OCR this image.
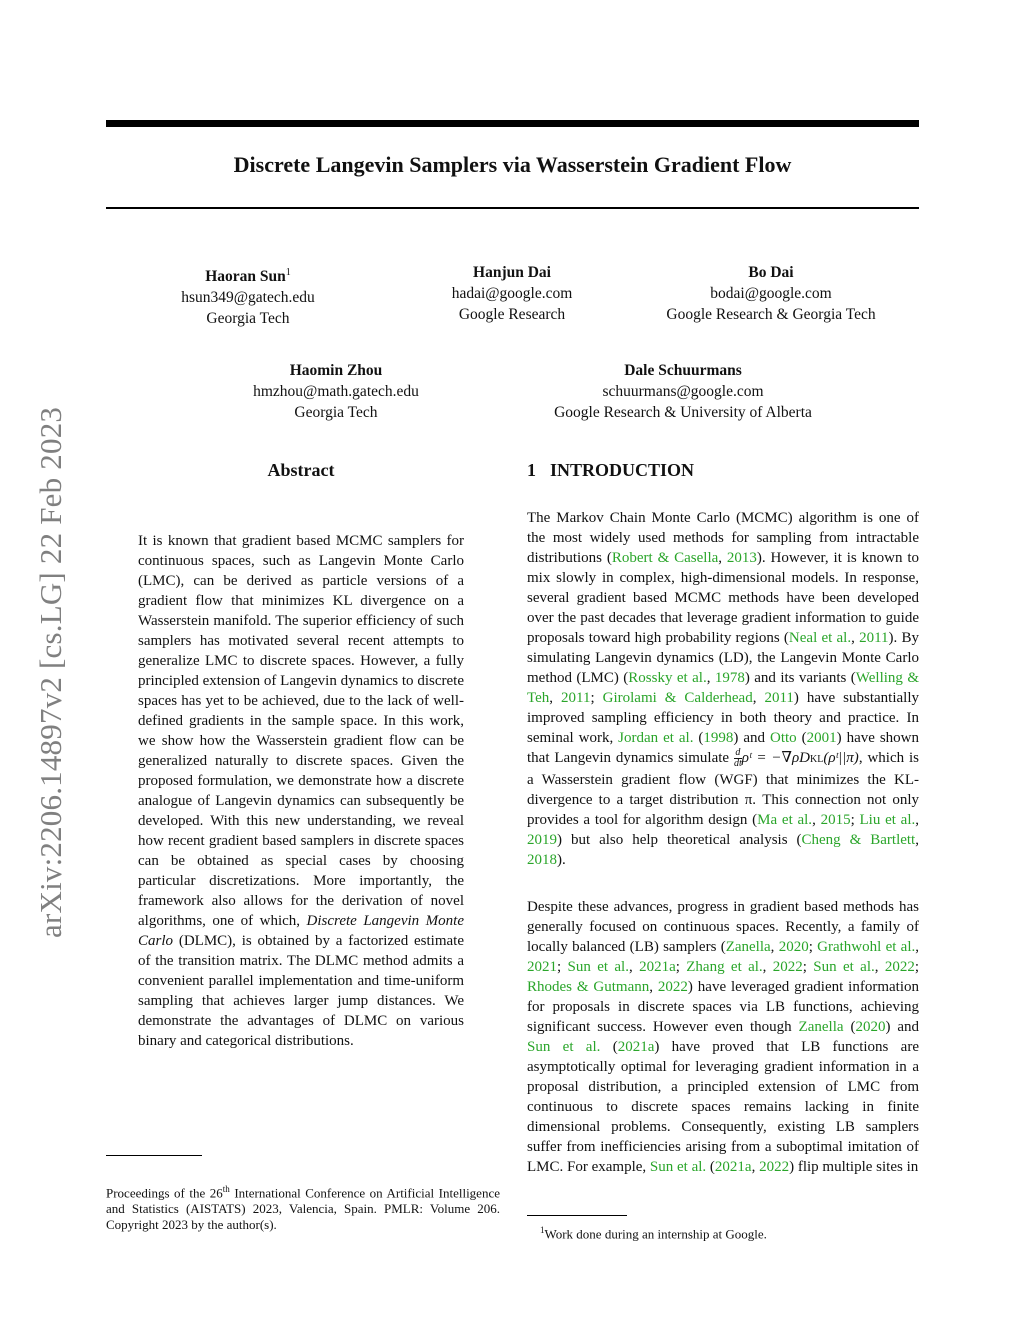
arXiv:2206.14897v2 [cs.LG] 22 Feb 2023
Discrete Langevin Samplers via Wasserstein Gradient Flow
Haoran Sun$^1$
hsun349@gatech.edu
Georgia Tech
Hanjun Dai
hadai@google.com
Google Research
Bo Dai
bodai@google.com
Google Research & Georgia Tech
Haomin Zhou
hmzhou@math.gatech.edu
Georgia Tech
Dale Schuurmans
schuurmans@google.com
Google Research & University of Alberta
Abstract
It is known that gradient based MCMC samplers for continuous spaces, such as Langevin Monte Carlo (LMC), can be derived as particle versions of a gradient flow that minimizes KL divergence on a Wasserstein manifold. The superior efficiency of such samplers has motivated several recent attempts to generalize LMC to discrete spaces. However, a fully principled extension of Langevin dynamics to discrete spaces has yet to be achieved, due to the lack of well-defined gradients in the sample space. In this work, we show how the Wasserstein gradient flow can be generalized naturally to discrete spaces. Given the proposed formulation, we demonstrate how a discrete analogue of Langevin dynamics can subsequently be developed. With this new understanding, we reveal how recent gradient based samplers in discrete spaces can be obtained as special cases by choosing particular discretizations. More importantly, the framework also allows for the derivation of novel algorithms, one of which, Discrete Langevin Monte Carlo (DLMC), is obtained by a factorized estimate of the transition matrix. The DLMC method admits a convenient parallel implementation and time-uniform sampling that achieves larger jump distances. We demonstrate the advantages of DLMC on various binary and categorical distributions.
1 INTRODUCTION

The Markov Chain Monte Carlo (MCMC) algorithm is one of the most widely used methods for sampling from intractable distributions (Robert & Casella, 2013). However, it is known to mix slowly in complex, high-dimensional models. In response, several gradient based MCMC methods have been developed over the past decades that leverage gradient information to guide proposals toward high probability regions (Neal et al., 2011). By simulating Langevin dynamics (LD), the Langevin Monte Carlo method (LMC) (Rossky et al., 1978) and its variants (Welling & Teh, 2011; Girolami & Calderhead, 2011) have substantially improved sampling efficiency in both theory and practice. In seminal work, Jordan et al. (1998) and Otto (2001) have shown that Langevin dynamics simulate $\frac{d}{dt}$ ρᵗ = −∇ρDKL(ρᵗ||π), which is a Wasserstein gradient flow (WGF) that minimizes the KL-divergence to a target distribution π. This connection not only provides a tool for algorithm design (Ma et al., 2015; Liu et al., 2019) but also help theoretical analysis (Cheng & Bartlett, 2018).

Despite these advances, progress in gradient based methods has generally focused on continuous spaces. Recently, a family of locally balanced (LB) samplers (Zanella, 2020; Grathwohl et al., 2021; Sun et al., 2021a; Zhang et al., 2022; Sun et al., 2022; Rhodes & Gutmann, 2022) have leveraged gradient information for proposals in discrete spaces via LB functions, achieving significant success. However even though Zanella (2020) and Sun et al. (2021a) have proved that LB functions are asymptotically optimal for leveraging gradient information in a proposal distribution, a principled extension of LMC from continuous to discrete spaces remains lacking in finite dimensional problems. Consequently, existing LB samplers suffer from inefficiencies arising from a suboptimal imitation of LMC. For example, Sun et al. (2021a, 2022) flip multiple sites in

Proceedings of the 26th International Conference on Artificial Intelligence and Statistics (AISTATS) 2023, Valencia, Spain. PMLR: Volume 206. Copyright 2023 by the author(s).	$^1$Work done during an internship at Google.
